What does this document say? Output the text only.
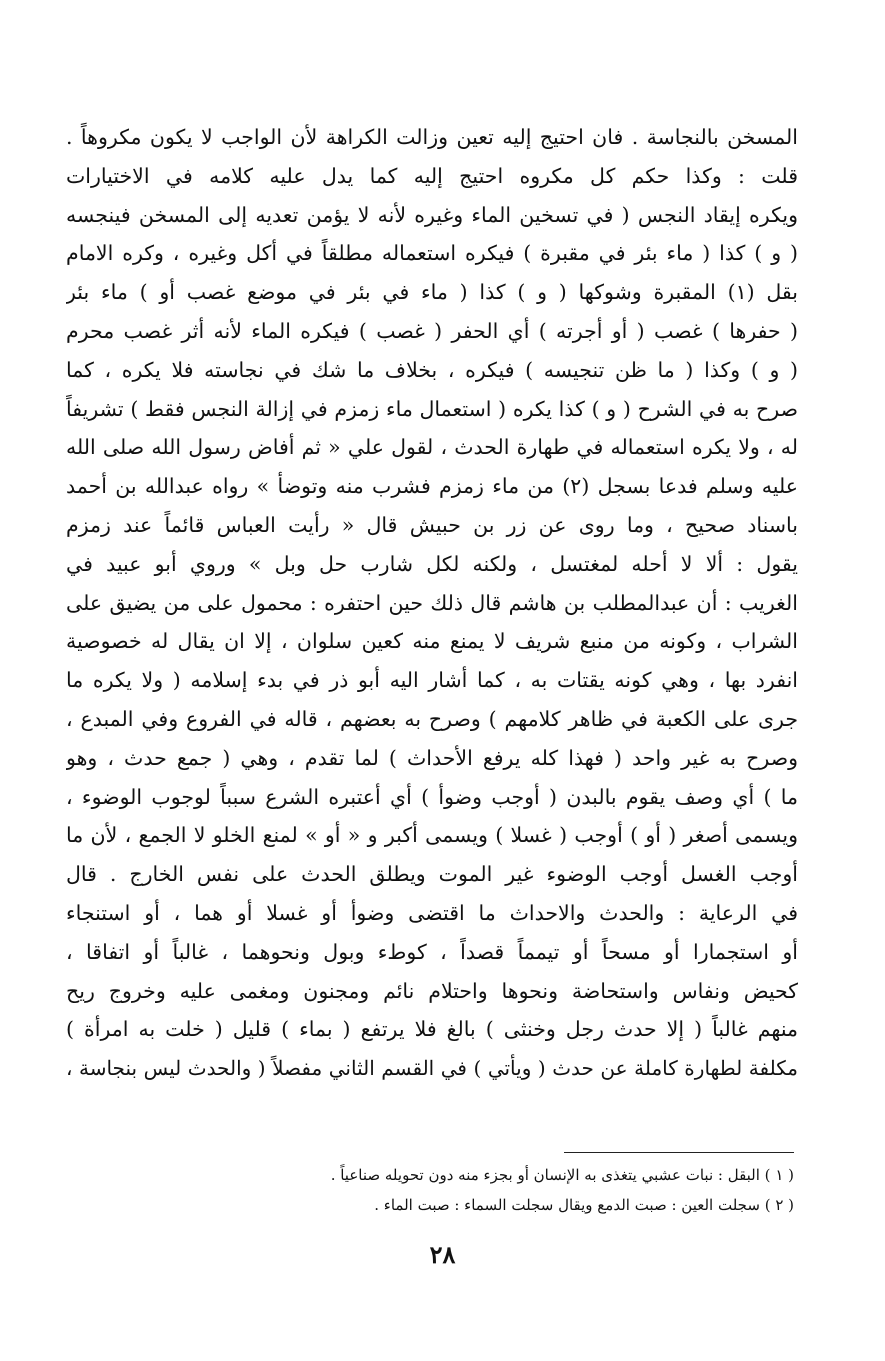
المسخن بالنجاسة . فان احتيج إليه تعين وزالت الكراهة لأن الواجب لا يكون مكروهاً .
قلت : وكذا حكم كل مكروه احتيج إليه كما يدل عليه كلامه في الاختيارات
ويكره إيقاد النجس ( في تسخين الماء وغيره لأنه لا يؤمن تعديه إلى المسخن فينجسه
( و ) كذا ( ماء بئر في مقبرة ) فيكره استعماله مطلقاً في أكل وغيره ، وكره الامام
بقل (١) المقبرة وشوكها ( و ) كذا ( ماء في بئر في موضع غصب أو ) ماء بئر
( حفرها ) غصب ( أو أجرته ) أي الحفر ( غصب ) فيكره الماء لأنه أثر غصب محرم
( و ) وكذا ( ما ظن تنجيسه ) فيكره ، بخلاف ما شك في نجاسته فلا يكره ، كما
صرح به في الشرح ( و ) كذا يكره ( استعمال ماء زمزم في إزالة النجس فقط ) تشريفاً
له ، ولا يكره استعماله في طهارة الحدث ، لقول علي « ثم أفاض رسول الله صلى الله
عليه وسلم فدعا بسجل (٢) من ماء زمزم فشرب منه وتوضأ » رواه عبدالله بن أحمد
باسناد صحيح ، وما روى عن زر بن حبيش قال « رأيت العباس قائماً عند زمزم
يقول : ألا لا أحله لمغتسل ، ولكنه لكل شارب حل وبل » وروي أبو عبيد في
الغريب : أن عبدالمطلب بن هاشم قال ذلك حين احتفره : محمول على من يضيق على
الشراب ، وكونه من منبع شريف لا يمنع منه كعين سلوان ، إلا ان يقال له خصوصية
انفرد بها ، وهي كونه يقتات به ، كما أشار اليه أبو ذر في بدء إسلامه ( ولا يكره ما
جرى على الكعبة في ظاهر كلامهم ) وصرح به بعضهم ، قاله في الفروع وفي المبدع ،
وصرح به غير واحد ( فهذا كله يرفع الأحداث ) لما تقدم ، وهي ( جمع حدث ، وهو
ما ) أي وصف يقوم بالبدن ( أوجب وضوأ ) أي أعتبره الشرع سبباً لوجوب الوضوء ،
ويسمى أصغر ( أو ) أوجب ( غسلا ) ويسمى أكبر و « أو » لمنع الخلو لا الجمع ، لأن ما
أوجب الغسل أوجب الوضوء غير الموت ويطلق الحدث على نفس الخارج . قال
في الرعاية : والحدث والاحداث ما اقتضى وضوأ أو غسلا أو هما ، أو استنجاء
أو استجمارا أو مسحاً أو تيمماً قصداً ، كوطء وبول ونحوهما ، غالباً أو اتفاقا ،
كحيض ونفاس واستحاضة ونحوها واحتلام نائم ومجنون ومغمى عليه وخروج ريح
منهم غالباً ( إلا حدث رجل وخنثى ) بالغ فلا يرتفع ( بماء ) قليل ( خلت به امرأة )
مكلفة لطهارة كاملة عن حدث ( ويأتي ) في القسم الثاني مفصلاً ( والحدث ليس بنجاسة ،
( ١ ) البقل : نبات عشبي يتغذى به الإنسان أو بجزء منه دون تحويله صناعياً .
( ٢ ) سجلت العين : صبت الدمع ويقال سجلت السماء : صبت الماء .
٢٨
